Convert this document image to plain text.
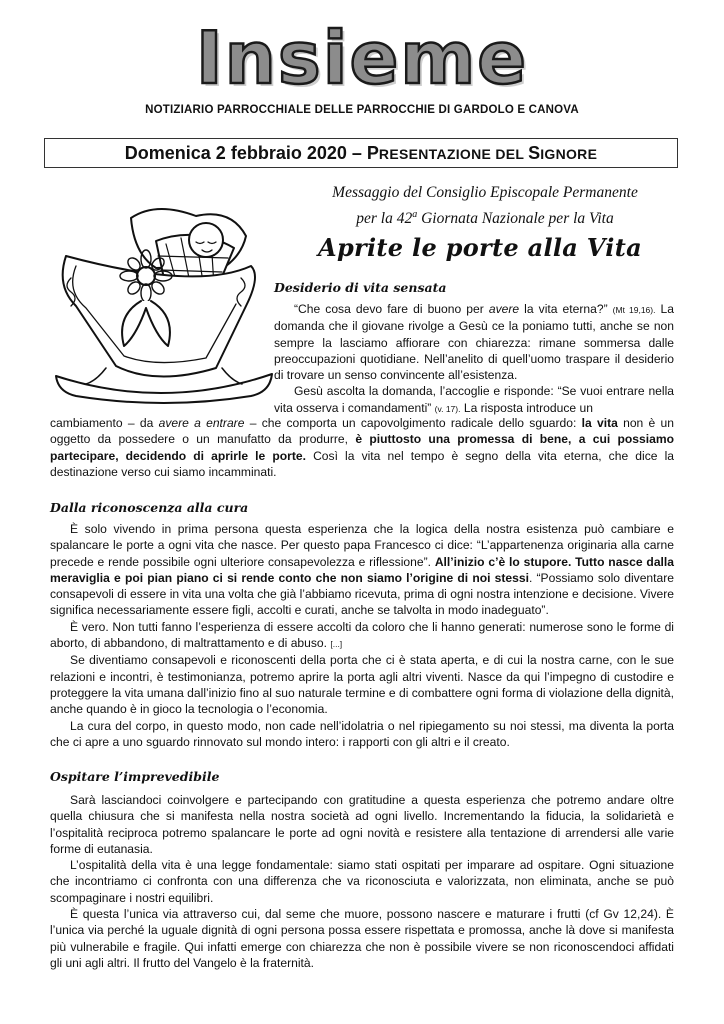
Insieme
NOTIZIARIO PARROCCHIALE DELLE PARROCCHIE DI GARDOLO E CANOVA
Domenica 2 febbraio 2020 – PRESENTAZIONE DEL SIGNORE
Messaggio del Consiglio Episcopale Permanente
per la 42$^a$ Giornata Nazionale per la Vita
Aprite le porte alla Vita
Desiderio di vita sensata

“Che cosa devo fare di buono per avere la vita eterna?” (Mt 19,16). La domanda che il giovane rivolge a Gesù ce la poniamo tutti, anche se non sempre la lasciamo affiorare con chiarezza: rimane sommersa dalle preoccupazioni quotidiane. Nell’anelito di quell’uomo traspare il desiderio di trovare un senso convincente all’esistenza.

Gesù ascolta la domanda, l’accoglie e risponde: “Se vuoi entrare nella vita osserva i comandamenti” (v. 17). La risposta introduce un

cambiamento – da avere a entrare – che comporta un capovolgimento radicale dello sguardo: la vita non è un oggetto da possedere o un manufatto da produrre, è piuttosto una promessa di bene, a cui possiamo partecipare, decidendo di aprirle le porte. Così la vita nel tempo è segno della vita eterna, che dice la destinazione verso cui siamo incamminati.

Dalla riconoscenza alla cura

È solo vivendo in prima persona questa esperienza che la logica della nostra esistenza può cambiare e spalancare le porte a ogni vita che nasce. Per questo papa Francesco ci dice: “L’appartenenza originaria alla carne precede e rende possibile ogni ulteriore consapevolezza e riflessione”. All’inizio c’è lo stupore. Tutto nasce dalla meraviglia e poi pian piano ci si rende conto che non siamo l’origine di noi stessi. “Possiamo solo diventare consapevoli di essere in vita una volta che già l’abbiamo ricevuta, prima di ogni nostra intenzione e decisione. Vivere significa necessariamente essere figli, accolti e curati, anche se talvolta in modo inadeguato”.

È vero. Non tutti fanno l’esperienza di essere accolti da coloro che li hanno generati: numerose sono le forme di aborto, di abbandono, di maltrattamento e di abuso. [...]

Se diventiamo consapevoli e riconoscenti della porta che ci è stata aperta, e di cui la nostra carne, con le sue relazioni e incontri, è testimonianza, potremo aprire la porta agli altri viventi. Nasce da qui l’impegno di custodire e proteggere la vita umana dall’inizio fino al suo naturale termine e di combattere ogni forma di violazione della dignità, anche quando è in gioco la tecnologia o l’economia.

La cura del corpo, in questo modo, non cade nell’idolatria o nel ripiegamento su noi stessi, ma diventa la porta che ci apre a uno sguardo rinnovato sul mondo intero: i rapporti con gli altri e il creato.

Ospitare l’imprevedibile

Sarà lasciandoci coinvolgere e partecipando con gratitudine a questa esperienza che potremo andare oltre quella chiusura che si manifesta nella nostra società ad ogni livello. Incrementando la fiducia, la solidarietà e l’ospitalità reciproca potremo spalancare le porte ad ogni novità e resistere alla tentazione di arrendersi alle varie forme di eutanasia.

L’ospitalità della vita è una legge fondamentale: siamo stati ospitati per imparare ad ospitare. Ogni situazione che incontriamo ci confronta con una differenza che va riconosciuta e valorizzata, non eliminata, anche se può scompaginare i nostri equilibri.

È questa l’unica via attraverso cui, dal seme che muore, possono nascere e maturare i frutti (cf Gv 12,24). È l’unica via perché la uguale dignità di ogni persona possa essere rispettata e promossa, anche là dove si manifesta più vulnerabile e fragile. Qui infatti emerge con chiarezza che non è possibile vivere se non riconoscendoci affidati gli uni agli altri. Il frutto del Vangelo è la fraternità.
